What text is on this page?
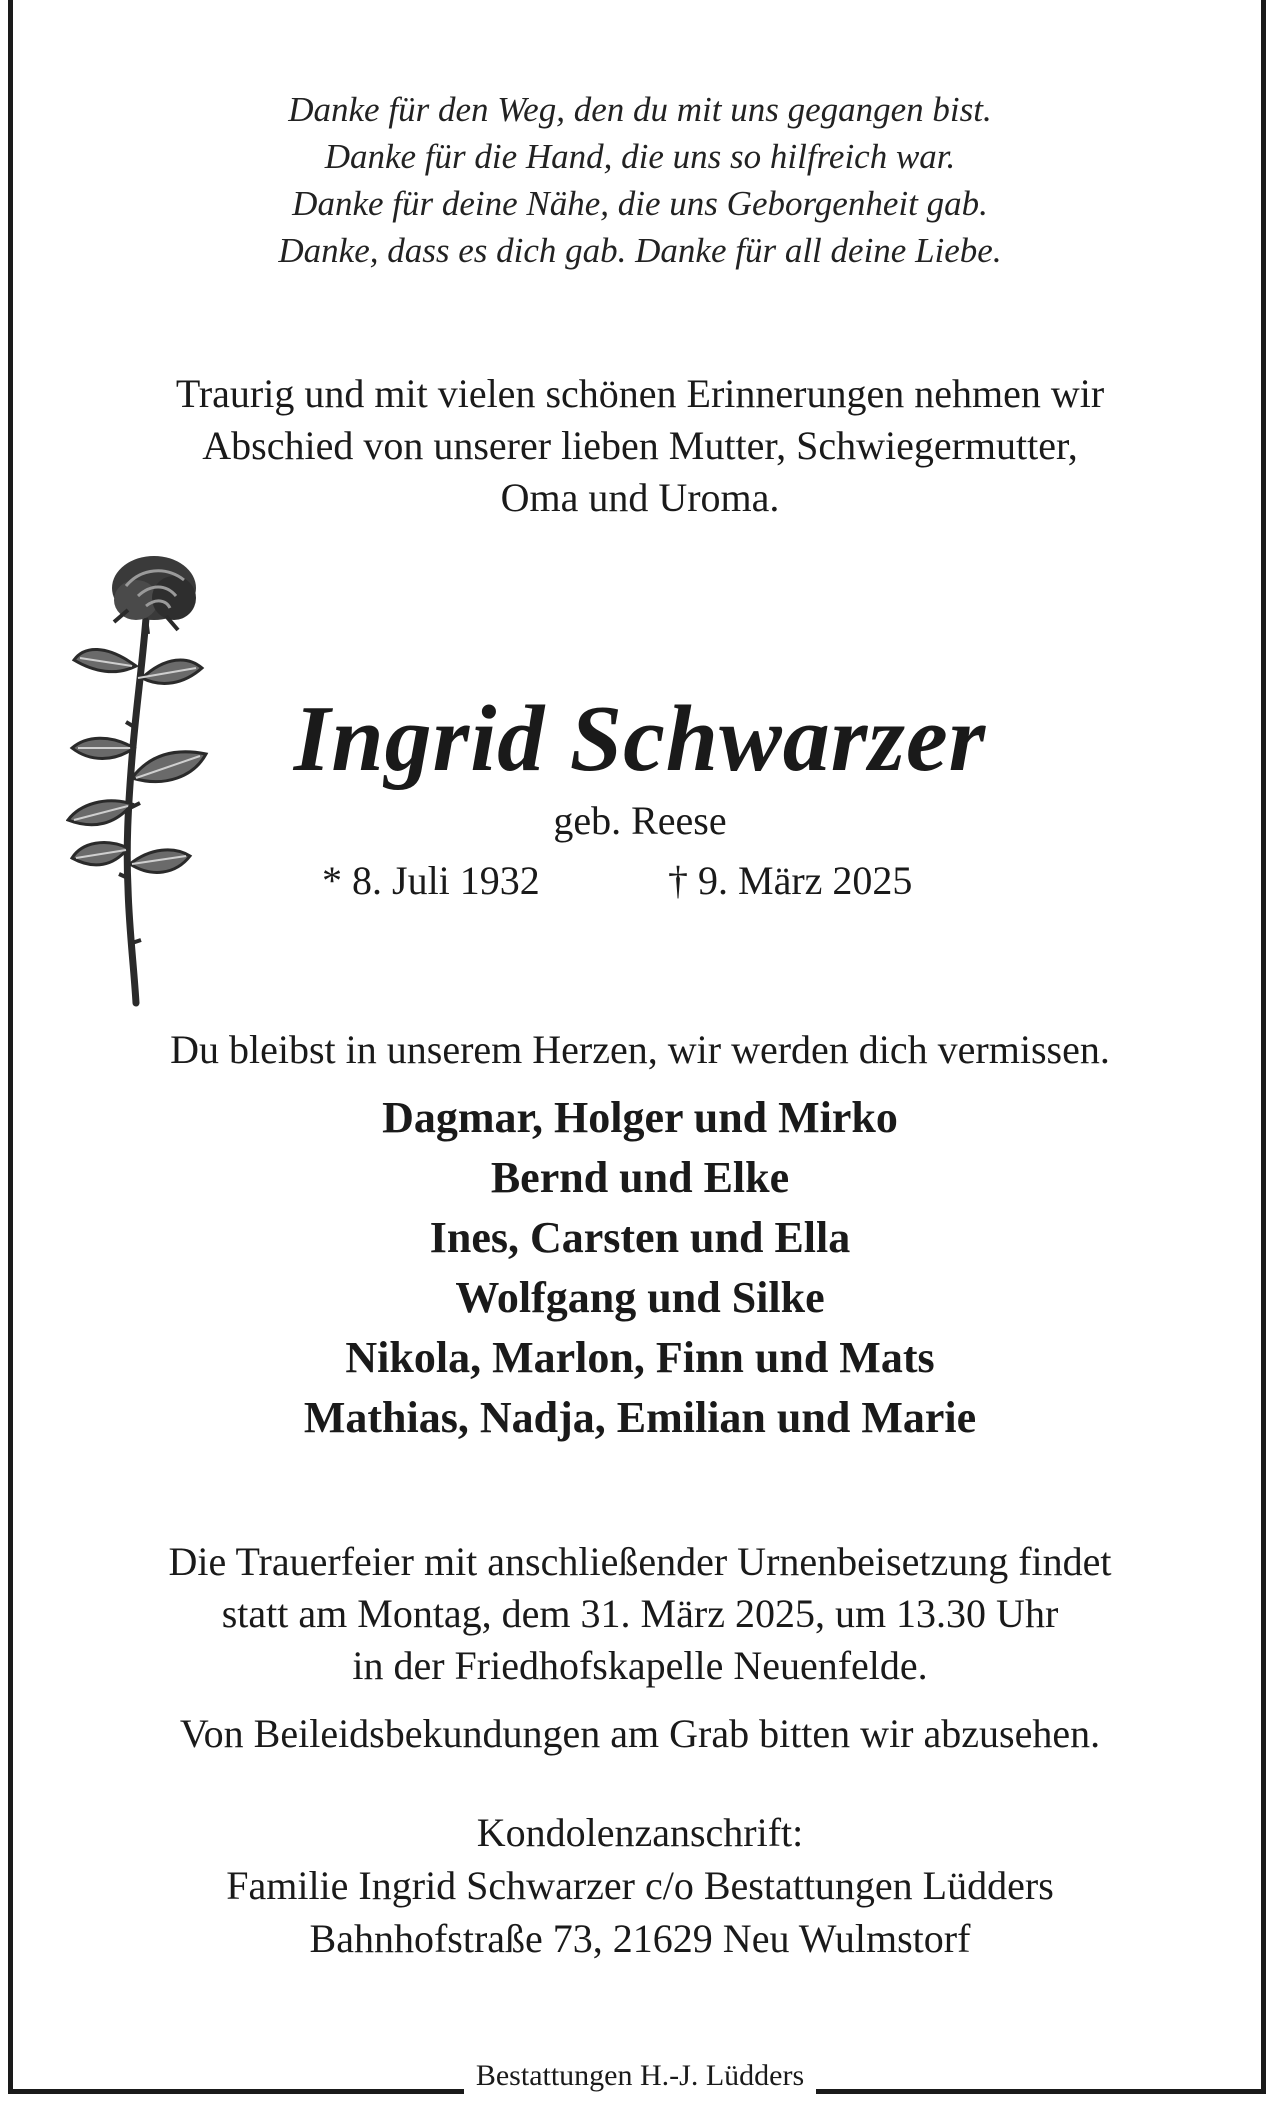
Danke für den Weg, den du mit uns gegangen bist.
Danke für die Hand, die uns so hilfreich war.
Danke für deine Nähe, die uns Geborgenheit gab.
Danke, dass es dich gab. Danke für all deine Liebe.
Traurig und mit vielen schönen Erinnerungen nehmen wir
Abschied von unserer lieben Mutter, Schwiegermutter,
Oma und Uroma.
Ingrid Schwarzer
geb. Reese
* 8. Juli 1932	† 9. März 2025
Du bleibst in unserem Herzen, wir werden dich vermissen.
Dagmar, Holger und Mirko
Bernd und Elke
Ines, Carsten und Ella
Wolfgang und Silke
Nikola, Marlon, Finn und Mats
Mathias, Nadja, Emilian und Marie
Die Trauerfeier mit anschließender Urnenbeisetzung findet
statt am Montag, dem 31. März 2025, um 13.30 Uhr
in der Friedhofskapelle Neuenfelde.
Von Beileidsbekundungen am Grab bitten wir abzusehen.
Kondolenzanschrift:
Familie Ingrid Schwarzer c/o Bestattungen Lüdders
Bahnhofstraße 73, 21629 Neu Wulmstorf
Bestattungen H.-J. Lüdders
